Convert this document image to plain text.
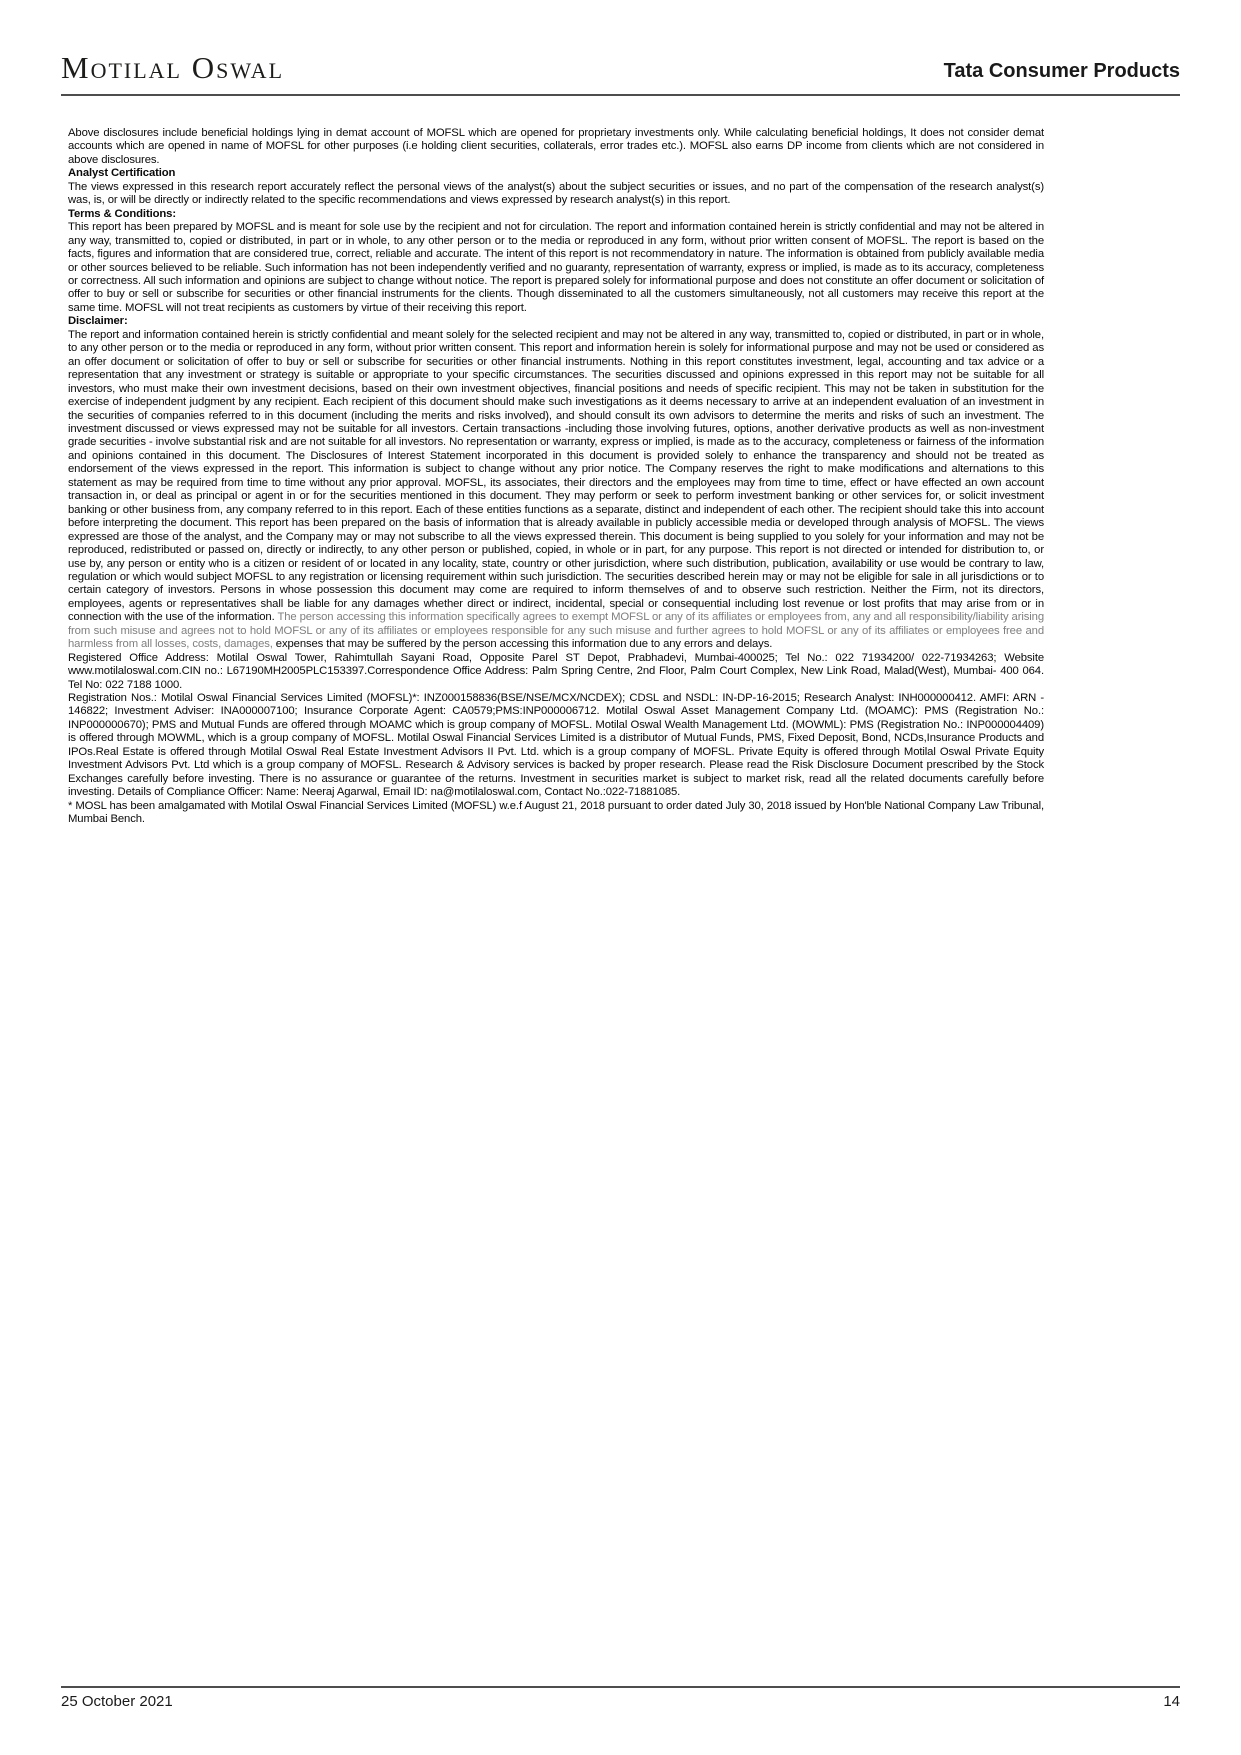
Motilal Oswal	Tata Consumer Products

Above disclosures include beneficial holdings lying in demat account of MOFSL which are opened for proprietary investments only. While calculating beneficial holdings, It does not consider demat accounts which are opened in name of MOFSL for other purposes (i.e holding client securities, collaterals, error trades etc.). MOFSL also earns DP income from clients which are not considered in above disclosures.

Analyst Certification

The views expressed in this research report accurately reflect the personal views of the analyst(s) about the subject securities or issues, and no part of the compensation of the research analyst(s) was, is, or will be directly or indirectly related to the specific recommendations and views expressed by research analyst(s) in this report.

Terms & Conditions:

This report has been prepared by MOFSL and is meant for sole use by the recipient and not for circulation. The report and information contained herein is strictly confidential and may not be altered in any way, transmitted to, copied or distributed, in part or in whole, to any other person or to the media or reproduced in any form, without prior written consent of MOFSL. The report is based on the facts, figures and information that are considered true, correct, reliable and accurate. The intent of this report is not recommendatory in nature. The information is obtained from publicly available media or other sources believed to be reliable. Such information has not been independently verified and no guaranty, representation of warranty, express or implied, is made as to its accuracy, completeness or correctness. All such information and opinions are subject to change without notice. The report is prepared solely for informational purpose and does not constitute an offer document or solicitation of offer to buy or sell or subscribe for securities or other financial instruments for the clients. Though disseminated to all the customers simultaneously, not all customers may receive this report at the same time. MOFSL will not treat recipients as customers by virtue of their receiving this report.

Disclaimer:

The report and information contained herein is strictly confidential and meant solely for the selected recipient and may not be altered in any way, transmitted to, copied or distributed, in part or in whole, to any other person or to the media or reproduced in any form, without prior written consent. This report and information herein is solely for informational purpose and may not be used or considered as an offer document or solicitation of offer to buy or sell or subscribe for securities or other financial instruments. Nothing in this report constitutes investment, legal, accounting and tax advice or a representation that any investment or strategy is suitable or appropriate to your specific circumstances. The securities discussed and opinions expressed in this report may not be suitable for all investors, who must make their own investment decisions, based on their own investment objectives, financial positions and needs of specific recipient. This may not be taken in substitution for the exercise of independent judgment by any recipient. Each recipient of this document should make such investigations as it deems necessary to arrive at an independent evaluation of an investment in the securities of companies referred to in this document (including the merits and risks involved), and should consult its own advisors to determine the merits and risks of such an investment. The investment discussed or views expressed may not be suitable for all investors. Certain transactions -including those involving futures, options, another derivative products as well as non-investment grade securities - involve substantial risk and are not suitable for all investors. No representation or warranty, express or implied, is made as to the accuracy, completeness or fairness of the information and opinions contained in this document. The Disclosures of Interest Statement incorporated in this document is provided solely to enhance the transparency and should not be treated as endorsement of the views expressed in the report. This information is subject to change without any prior notice. The Company reserves the right to make modifications and alternations to this statement as may be required from time to time without any prior approval. MOFSL, its associates, their directors and the employees may from time to time, effect or have effected an own account transaction in, or deal as principal or agent in or for the securities mentioned in this document. They may perform or seek to perform investment banking or other services for, or solicit investment banking or other business from, any company referred to in this report. Each of these entities functions as a separate, distinct and independent of each other. The recipient should take this into account before interpreting the document. This report has been prepared on the basis of information that is already available in publicly accessible media or developed through analysis of MOFSL. The views expressed are those of the analyst, and the Company may or may not subscribe to all the views expressed therein. This document is being supplied to you solely for your information and may not be reproduced, redistributed or passed on, directly or indirectly, to any other person or published, copied, in whole or in part, for any purpose. This report is not directed or intended for distribution to, or use by, any person or entity who is a citizen or resident of or located in any locality, state, country or other jurisdiction, where such distribution, publication, availability or use would be contrary to law, regulation or which would subject MOFSL to any registration or licensing requirement within such jurisdiction. The securities described herein may or may not be eligible for sale in all jurisdictions or to certain category of investors. Persons in whose possession this document may come are required to inform themselves of and to observe such restriction. Neither the Firm, not its directors, employees, agents or representatives shall be liable for any damages whether direct or indirect, incidental, special or consequential including lost revenue or lost profits that may arise from or in connection with the use of the information. The person accessing this information specifically agrees to exempt MOFSL or any of its affiliates or employees from, any and all responsibility/liability arising from such misuse and agrees not to hold MOFSL or any of its affiliates or employees responsible for any such misuse and further agrees to hold MOFSL or any of its affiliates or employees free and harmless from all losses, costs, damages, expenses that may be suffered by the person accessing this information due to any errors and delays.

Registered Office Address: Motilal Oswal Tower, Rahimtullah Sayani Road, Opposite Parel ST Depot, Prabhadevi, Mumbai-400025; Tel No.: 022 71934200/ 022-71934263; Website www.motilaloswal.com.CIN no.: L67190MH2005PLC153397.Correspondence Office Address: Palm Spring Centre, 2nd Floor, Palm Court Complex, New Link Road, Malad(West), Mumbai- 400 064. Tel No: 022 7188 1000.

Registration Nos.: Motilal Oswal Financial Services Limited (MOFSL)*: INZ000158836(BSE/NSE/MCX/NCDEX); CDSL and NSDL: IN-DP-16-2015; Research Analyst: INH000000412. AMFI: ARN - 146822; Investment Adviser: INA000007100; Insurance Corporate Agent: CA0579;PMS:INP000006712. Motilal Oswal Asset Management Company Ltd. (MOAMC): PMS (Registration No.: INP000000670); PMS and Mutual Funds are offered through MOAMC which is group company of MOFSL. Motilal Oswal Wealth Management Ltd. (MOWML): PMS (Registration No.: INP000004409) is offered through MOWML, which is a group company of MOFSL. Motilal Oswal Financial Services Limited is a distributor of Mutual Funds, PMS, Fixed Deposit, Bond, NCDs,Insurance Products and IPOs.Real Estate is offered through Motilal Oswal Real Estate Investment Advisors II Pvt. Ltd. which is a group company of MOFSL. Private Equity is offered through Motilal Oswal Private Equity Investment Advisors Pvt. Ltd which is a group company of MOFSL. Research & Advisory services is backed by proper research. Please read the Risk Disclosure Document prescribed by the Stock Exchanges carefully before investing. There is no assurance or guarantee of the returns. Investment in securities market is subject to market risk, read all the related documents carefully before investing. Details of Compliance Officer: Name: Neeraj Agarwal, Email ID: na@motilaloswal.com, Contact No.:022-71881085.

* MOSL has been amalgamated with Motilal Oswal Financial Services Limited (MOFSL) w.e.f August 21, 2018 pursuant to order dated July 30, 2018 issued by Hon'ble National Company Law Tribunal, Mumbai Bench.

25 October 2021	14
